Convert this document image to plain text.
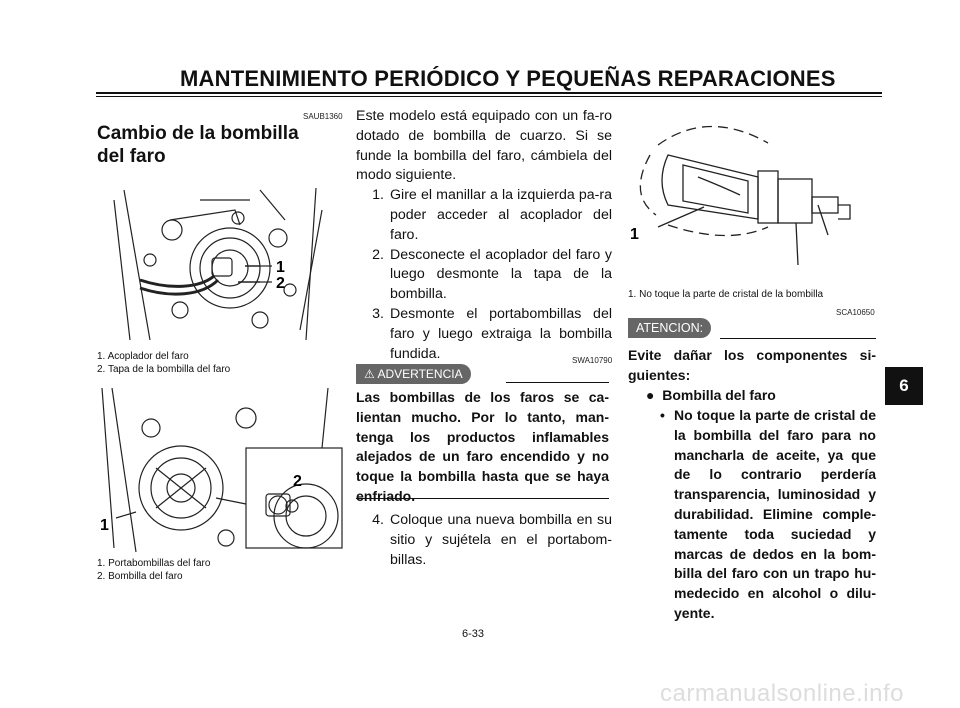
MANTENIMIENTO PERIÓDICO Y PEQUEÑAS REPARACIONES
SAUB1360
Cambio de la bombilla
del faro
1
2
1. Acoplador del faro
2. Tapa de la bombilla del faro
2
1
1. Portabombillas del faro
2. Bombilla del faro

Este modelo está equipado con un fa-ro dotado de bombilla de cuarzo. Si se funde la bombilla del faro, cámbiela del modo siguiente.

1. Gire el manillar a la izquierda pa-ra poder acceder al acoplador del faro.
2. Desconecte el acoplador del faro y luego desmonte la tapa de la bombilla.
3. Desmonte el portabombillas del faro y luego extraiga la bombilla fundida.	SWA10790
⚠ ADVERTENCIA
Las bombillas de los faros se ca-lientan mucho. Por lo tanto, man-tenga los productos inflamables alejados de un faro encendido y no toque la bombilla hasta que se haya enfriado.
4. Coloque una nueva bombilla en su sitio y sujétela en el portabom-billas.
1
1. No toque la parte de cristal de la bombilla
SCA10650
ATENCION:
Evite dañar los componentes si-guientes:
● Bombilla del faro
• No toque la parte de cristal de la bombilla del faro para no mancharla de aceite, ya que de lo contrario perdería transparencia, luminosidad y durabilidad. Elimine comple-tamente toda suciedad y marcas de dedos en la bom-billa del faro con un trapo hu-medecido en alcohol o dilu-yente.
6
6-33
carmanualsonline.info
